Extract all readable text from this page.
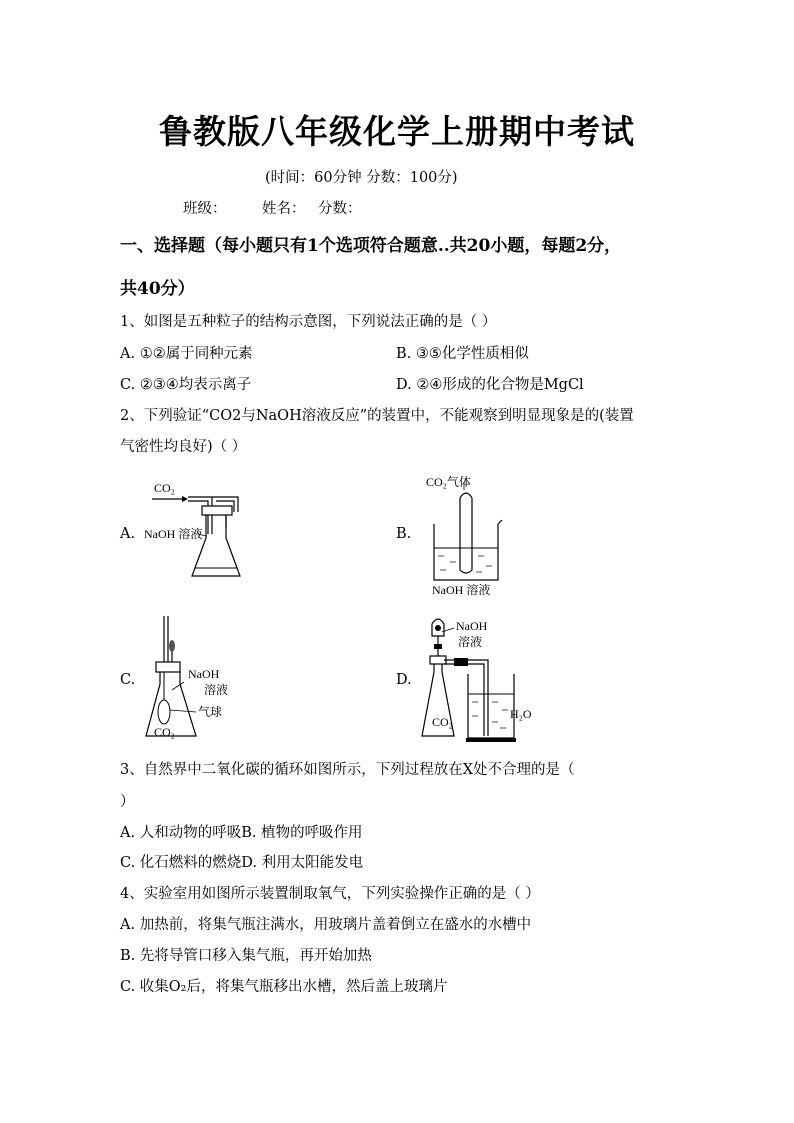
鲁教版八年级化学上册期中考试
(时间：60分钟 分数：100分)
班级： 姓名： 分数：
一、选择题（每小题只有1个选项符合题意..共20小题，每题2分，
共40分）
1、如图是五种粒子的结构示意图，下列说法正确的是（ ）
A. ①②属于同种元素	B. ③⑤化学性质相似
C. ②③④均表示离子	D. ②④形成的化合物是MgCl
2、下列验证“CO2与NaOH溶液反应”的装置中，不能观察到明显现象是的(装置
气密性均良好)（ ）
A.	B.
C.	D.
CO₂
NaOH 溶液
CO₂气体
NaOH 溶液
NaOH
溶液
气球
CO₂
NaOH
溶液
CO₂
H₂O
3、自然界中二氧化碳的循环如图所示，下列过程放在X处不合理的是（
）
A. 人和动物的呼吸B. 植物的呼吸作用
C. 化石燃料的燃烧D. 利用太阳能发电
4、实验室用如图所示装置制取氧气，下列实验操作正确的是（ ）
A. 加热前，将集气瓶注满水，用玻璃片盖着倒立在盛水的水槽中
B. 先将导管口移入集气瓶，再开始加热
C. 收集O₂后，将集气瓶移出水槽，然后盖上玻璃片
